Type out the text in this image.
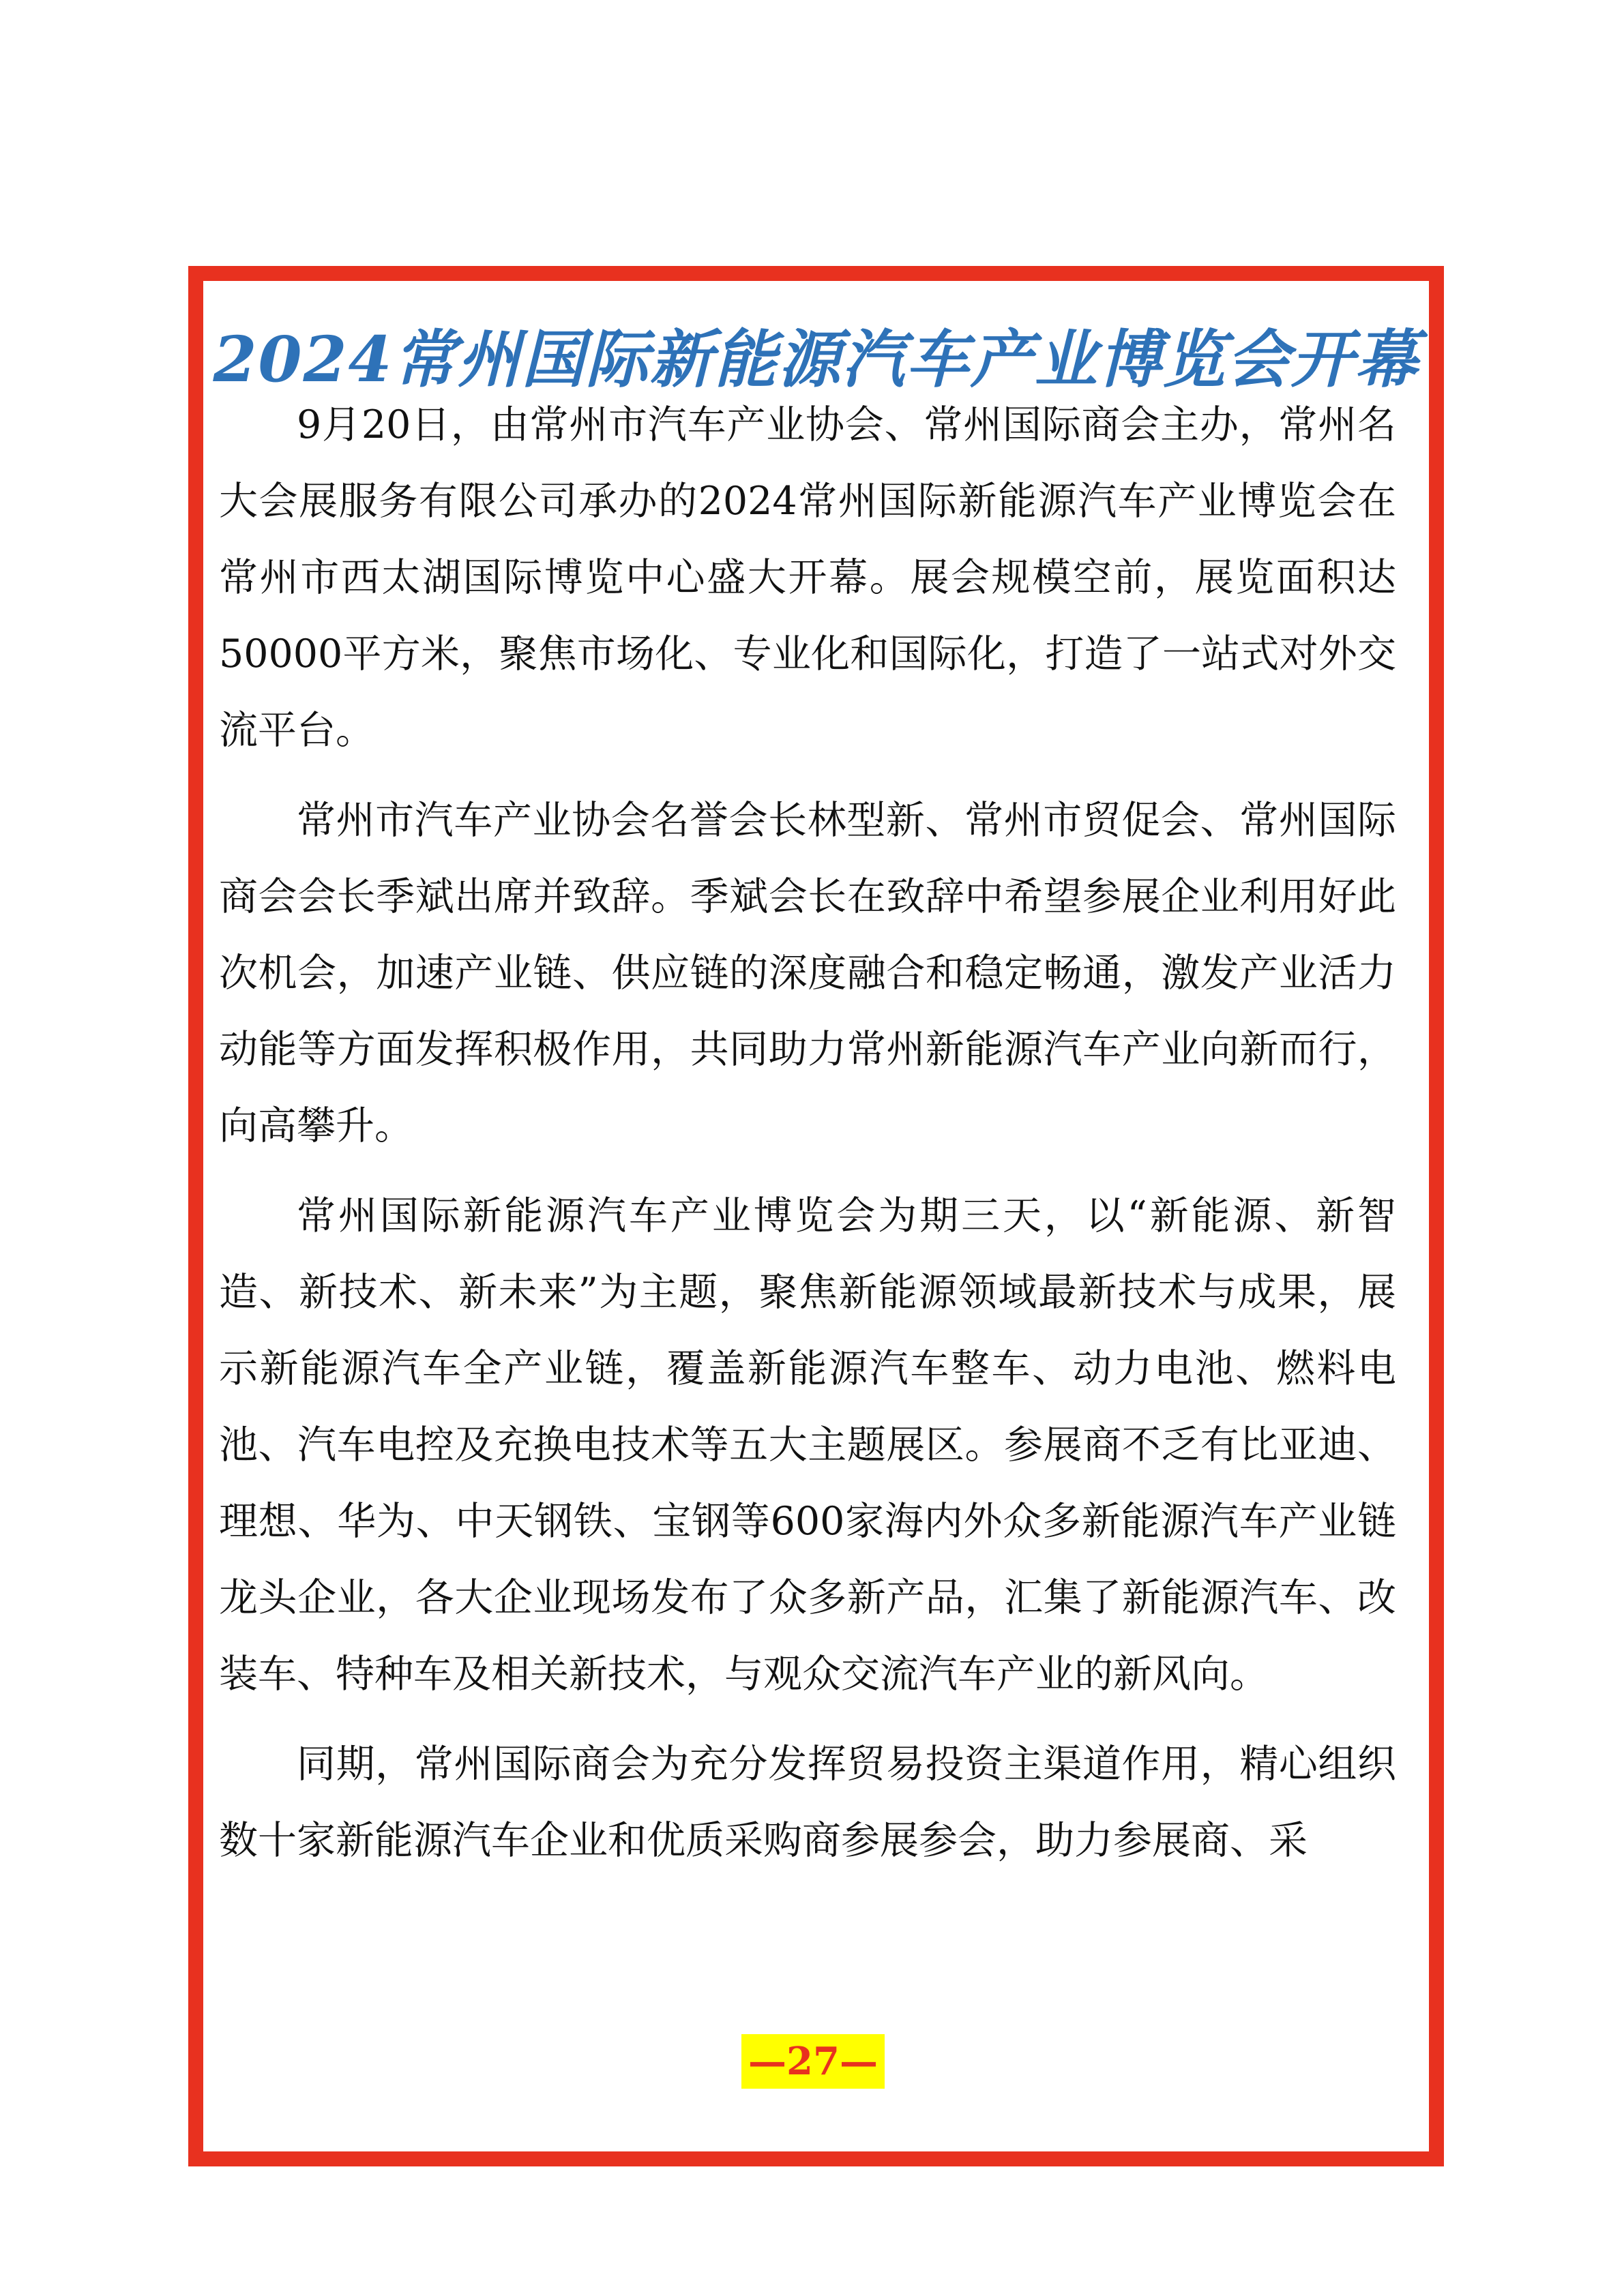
2024常州国际新能源汽车产业博览会开幕

9月20日，由常州市汽车产业协会、常州国际商会主办，常州名大会展服务有限公司承办的2024常州国际新能源汽车产业博览会在常州市西太湖国际博览中心盛大开幕。展会规模空前，展览面积达50000平方米，聚焦市场化、专业化和国际化，打造了一站式对外交流平台。

常州市汽车产业协会名誉会长林型新、常州市贸促会、常州国际商会会长季斌出席并致辞。季斌会长在致辞中希望参展企业利用好此次机会，加速产业链、供应链的深度融合和稳定畅通，激发产业活力动能等方面发挥积极作用，共同助力常州新能源汽车产业向新而行，向高攀升。

常州国际新能源汽车产业博览会为期三天，以“新能源、新智造、新技术、新未来”为主题，聚焦新能源领域最新技术与成果，展示新能源汽车全产业链，覆盖新能源汽车整车、动力电池、燃料电池、汽车电控及充换电技术等五大主题展区。参展商不乏有比亚迪、理想、华为、中天钢铁、宝钢等600家海内外众多新能源汽车产业链龙头企业，各大企业现场发布了众多新产品，汇集了新能源汽车、改装车、特种车及相关新技术，与观众交流汽车产业的新风向。

同期，常州国际商会为充分发挥贸易投资主渠道作用，精心组织数十家新能源汽车企业和优质采购商参展参会，助力参展商、采

—27—
